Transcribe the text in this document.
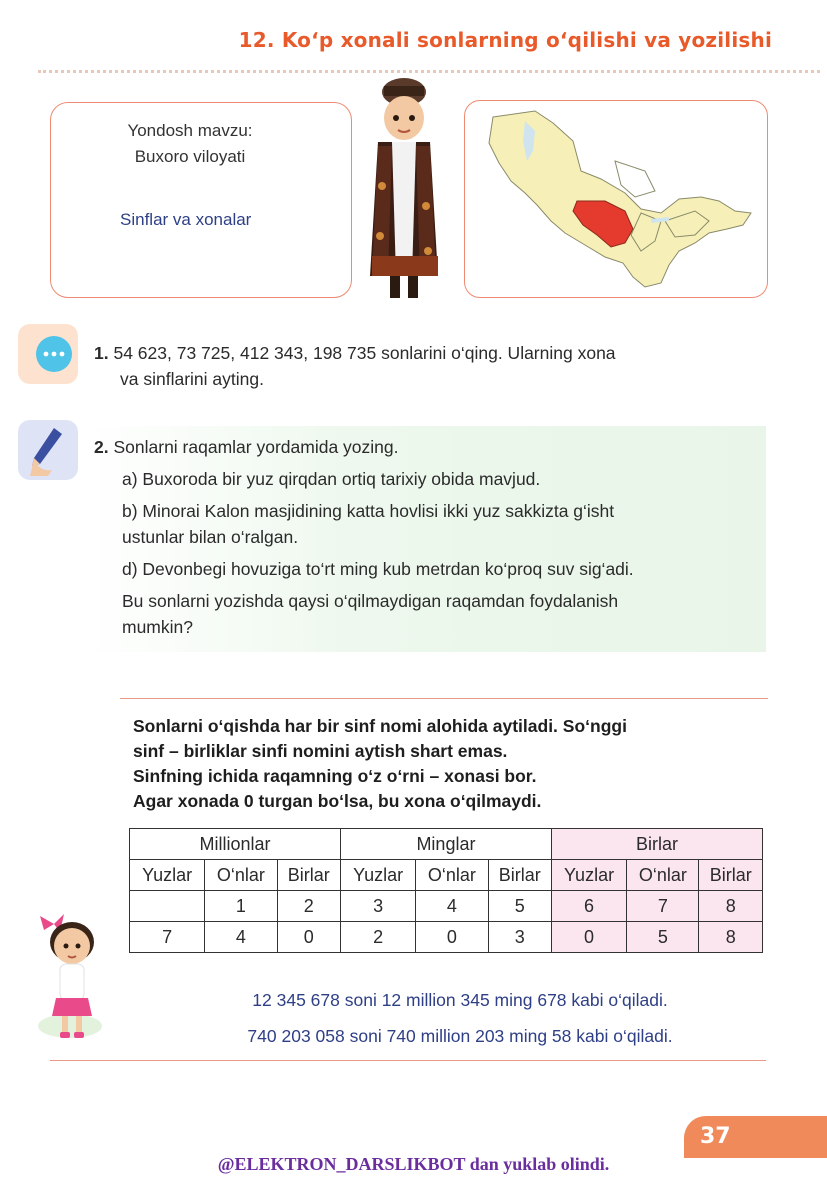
12. Koʻp xonali sonlarning oʻqilishi va yozilishi
Yondosh mavzu:
Buxoro viloyati
Sinflar va xonalar
1. 54 623, 73 725, 412 343, 198 735 sonlarini o‘qing. Ularning xona
va sinflarini ayting.
2. Sonlarni raqamlar yordamida yozing.
a) Buxoroda bir yuz qirqdan ortiq tarixiy obida mavjud.
b) Minorai Kalon masjidining katta hovlisi ikki yuz sakkizta g‘isht
ustunlar bilan o‘ralgan.
d) Devonbegi hovuziga to‘rt ming kub metrdan ko‘proq suv sig‘adi.
Bu sonlarni yozishda qaysi o‘qilmaydigan raqamdan foydalanish
mumkin?
Sonlarni oʻqishda har bir sinf nomi alohida aytiladi. Soʻnggi
sinf – birliklar sinfi nomini aytish shart emas.
Sinfning ichida raqamning oʻz oʻrni – xonasi bor.
Agar xonada 0 turgan boʻlsa, bu xona oʻqilmaydi.
Millionlar			Minglar			Birlar		
Yuzlar	O‘nlar	Birlar	Yuzlar	O‘nlar	Birlar	Yuzlar	O‘nlar	Birlar
	1	2	3	4	5	6	7	8
7	4	0	2	0	3	0	5	8
12 345 678 soni 12 million 345 ming 678 kabi o‘qiladi.
740 203 058 soni 740 million 203 ming 58 kabi o‘qiladi.
37
@ELEKTRON_DARSLIKBOT dan yuklab olindi.
